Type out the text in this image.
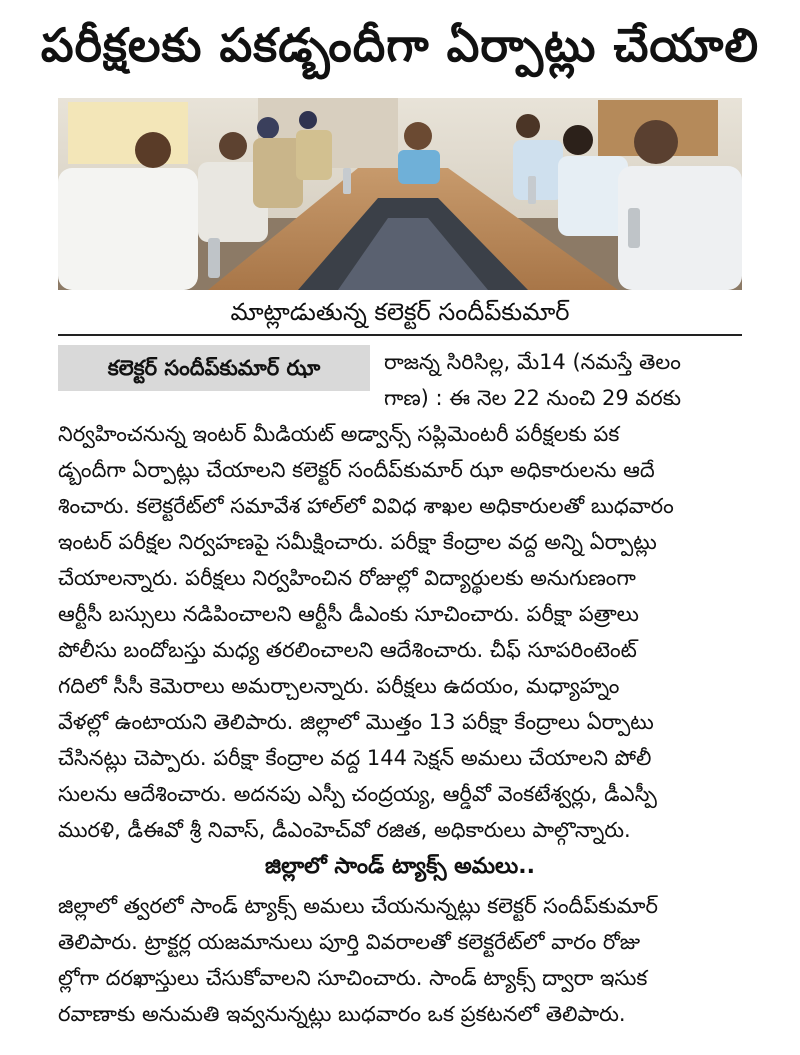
పరీక్షలకు పకడ్బందీగా ఏర్పాట్లు చేయాలి
మాట్లాడుతున్న కలెక్టర్‌ సందీప్‌కుమార్‌
కలెక్టర్‌ సందీప్‌కుమార్‌ ఝా	రాజన్న సిరిసిల్ల, మే14 (నమస్తే తెలం
గాణ) : ఈ నెల 22 నుంచి 29 వరకు
నిర్వహించనున్న ఇంటర్‌ మీడియట్‌ అడ్వాన్స్‌ సప్లిమెంటరీ పరీక్షలకు పక
డ్బందీగా ఏర్పాట్లు చేయాలని కలెక్టర్‌ సందీప్‌కుమార్‌ ఝా అధికారులను ఆదే
శించారు. కలెక్టరేట్‌లో సమావేశ హాల్‌లో వివిధ శాఖల అధికారులతో బుధవారం
ఇంటర్‌ పరీక్షల నిర్వహణపై సమీక్షించారు. పరీక్షా కేంద్రాల వద్ద అన్ని ఏర్పాట్లు
చేయాలన్నారు. పరీక్షలు నిర్వహించిన రోజుల్లో విద్యార్థులకు అనుగుణంగా
ఆర్టీసీ బస్సులు నడిపించాలని ఆర్టీసీ డీఎంకు సూచించారు. పరీక్షా పత్రాలు
పోలీసు బందోబస్తు మధ్య తరలించాలని ఆదేశించారు. చీఫ్‌ సూపరింటెంట్‌
గదిలో సీసీ కెమెరాలు అమర్చాలన్నారు. పరీక్షలు ఉదయం, మధ్యాహ్నం
వేళల్లో ఉంటాయని తెలిపారు. జిల్లాలో మొత్తం 13 పరీక్షా కేంద్రాలు ఏర్పాటు
చేసినట్లు చెప్పారు. పరీక్షా కేంద్రాల వద్ద 144 సెక్షన్‌ అమలు చేయాలని పోలీ
సులను ఆదేశించారు. అదనపు ఎస్పీ చంద్రయ్య, ఆర్డీవో వెంకటేశ్వర్లు, డీఎస్పీ
మురళి, డీఈవో శ్రీ నివాస్‌, డీఎంహెచ్‌వో రజిత, అధికారులు పాల్గొన్నారు.
జిల్లాలో సాండ్‌ ట్యాక్స్‌ అమలు..
జిల్లాలో త్వరలో సాండ్‌ ట్యాక్స్‌ అమలు చేయనున్నట్లు కలెక్టర్‌ సందీప్‌కుమార్‌
తెలిపారు. ట్రాక్టర్ల యజమానులు పూర్తి వివరాలతో కలెక్టరేట్‌లో వారం రోజు
ల్లోగా దరఖాస్తులు చేసుకోవాలని సూచించారు. సాండ్‌ ట్యాక్స్‌ ద్వారా ఇసుక
రవాణాకు అనుమతి ఇవ్వనున్నట్లు బుధవారం ఒక ప్రకటనలో తెలిపారు.
